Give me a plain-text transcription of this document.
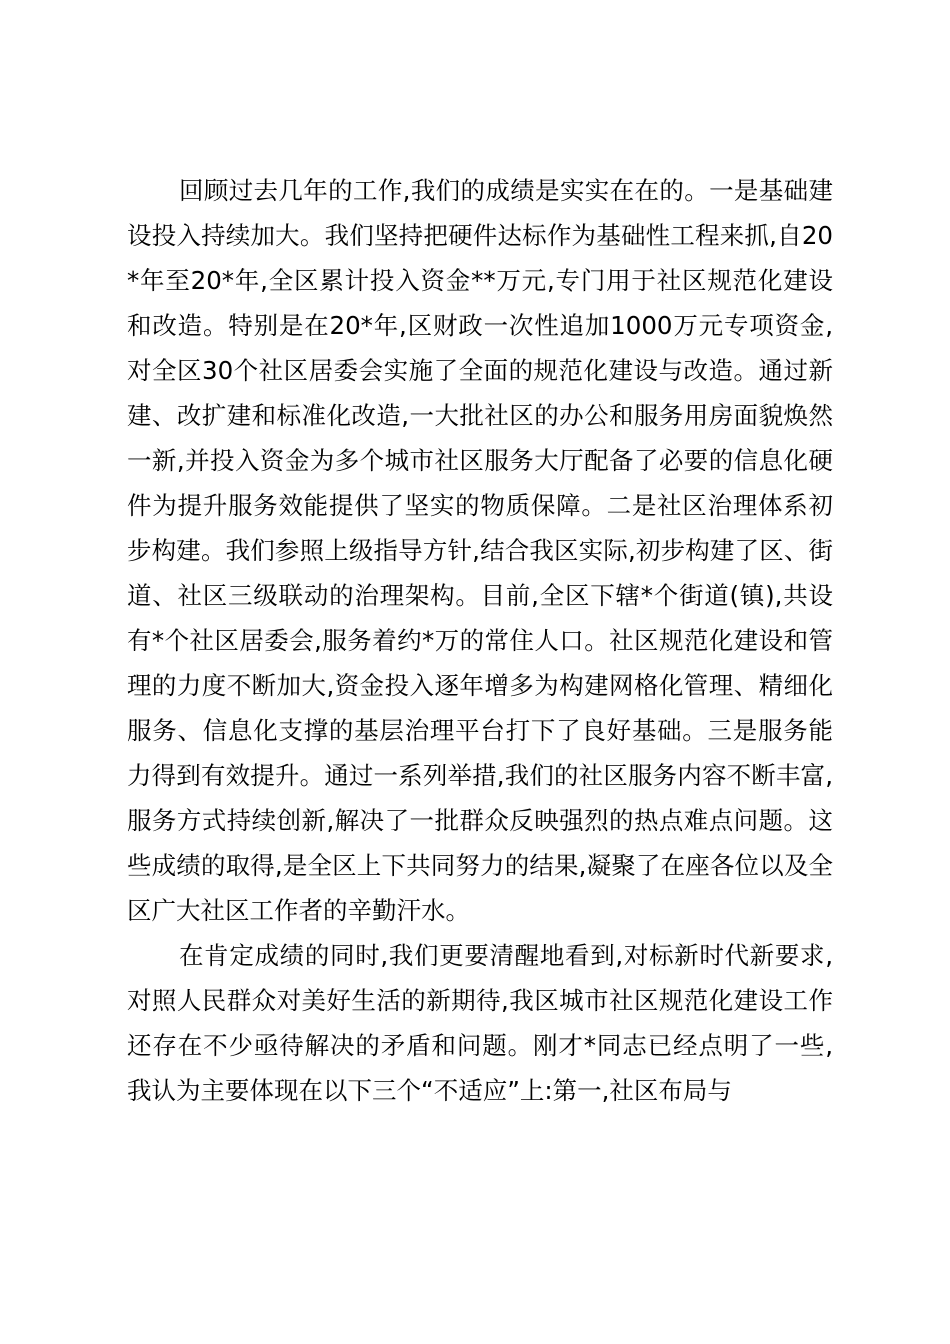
回顾过去几年的工作,我们的成绩是实实在在的。一是基础建设投入持续加大。我们坚持把硬件达标作为基础性工程来抓,自20*年至20*年,全区累计投入资金**万元,专门用于社区规范化建设和改造。特别是在20*年,区财政一次性追加1000万元专项资金,对全区30个社区居委会实施了全面的规范化建设与改造。通过新建、改扩建和标准化改造,一大批社区的办公和服务用房面貌焕然一新,并投入资金为多个城市社区服务大厅配备了必要的信息化硬件为提升服务效能提供了坚实的物质保障。二是社区治理体系初步构建。我们参照上级指导方针,结合我区实际,初步构建了区、街道、社区三级联动的治理架构。目前,全区下辖*个街道(镇),共设有*个社区居委会,服务着约*万的常住人口。社区规范化建设和管理的力度不断加大,资金投入逐年增多为构建网格化管理、精细化服务、信息化支撑的基层治理平台打下了良好基础。三是服务能力得到有效提升。通过一系列举措,我们的社区服务内容不断丰富,服务方式持续创新,解决了一批群众反映强烈的热点难点问题。这些成绩的取得,是全区上下共同努力的结果,凝聚了在座各位以及全区广大社区工作者的辛勤汗水。

在肯定成绩的同时,我们更要清醒地看到,对标新时代新要求,对照人民群众对美好生活的新期待,我区城市社区规范化建设工作还存在不少亟待解决的矛盾和问题。刚才*同志已经点明了一些,我认为主要体现在以下三个“不适应”上:第一,社区布局与
